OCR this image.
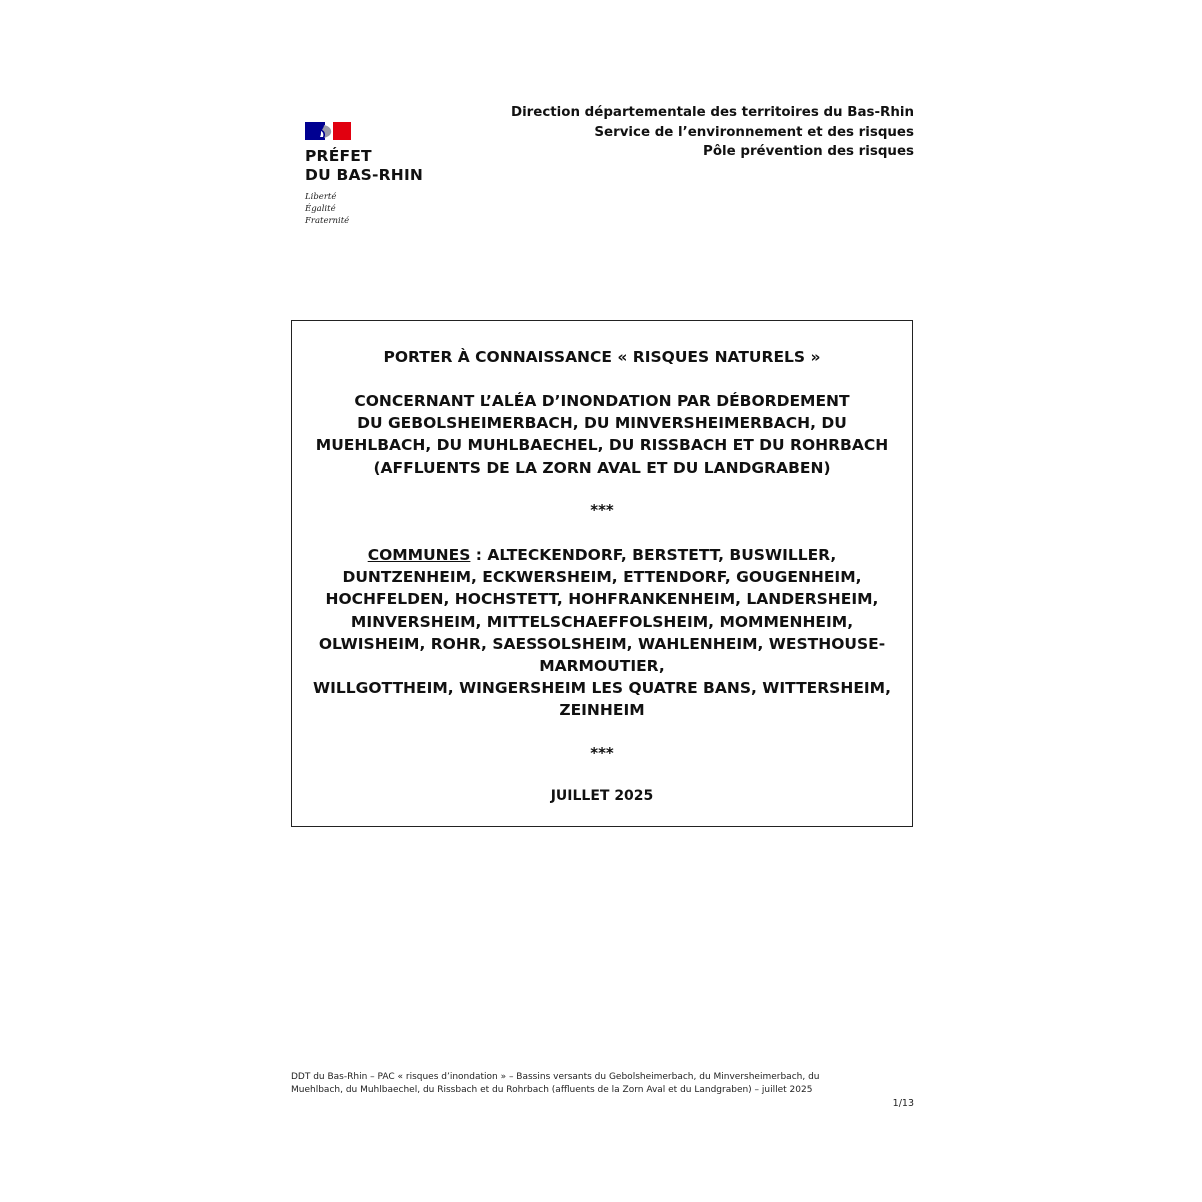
PRÉFET
DU BAS-RHIN
Liberté
Égalité
Fraternité
Direction départementale des territoires du Bas-Rhin
Service de l’environnement et des risques
Pôle prévention des risques
PORTER À CONNAISSANCE « RISQUES NATURELS »
CONCERNANT L’ALÉA D’INONDATION PAR DÉBORDEMENT
DU GEBOLSHEIMERBACH, DU MINVERSHEIMERBACH, DU
MUEHLBACH, DU MUHLBAECHEL, DU RISSBACH ET DU ROHRBACH
(AFFLUENTS DE LA ZORN AVAL ET DU LANDGRABEN)
***
COMMUNES : ALTECKENDORF, BERSTETT, BUSWILLER,
DUNTZENHEIM, ECKWERSHEIM, ETTENDORF, GOUGENHEIM,
HOCHFELDEN, HOCHSTETT, HOHFRANKENHEIM, LANDERSHEIM,
MINVERSHEIM, MITTELSCHAEFFOLSHEIM, MOMMENHEIM,
OLWISHEIM, ROHR, SAESSOLSHEIM, WAHLENHEIM, WESTHOUSE-
MARMOUTIER,
WILLGOTTHEIM, WINGERSHEIM LES QUATRE BANS, WITTERSHEIM,
ZEINHEIM
***
JUILLET 2025
DDT du Bas-Rhin – PAC « risques d’inondation » – Bassins versants du Gebolsheimerbach, du Minversheimerbach, du
Muehlbach, du Muhlbaechel, du Rissbach et du Rohrbach (affluents de la Zorn Aval et du Landgraben) – juillet 2025
1/13
